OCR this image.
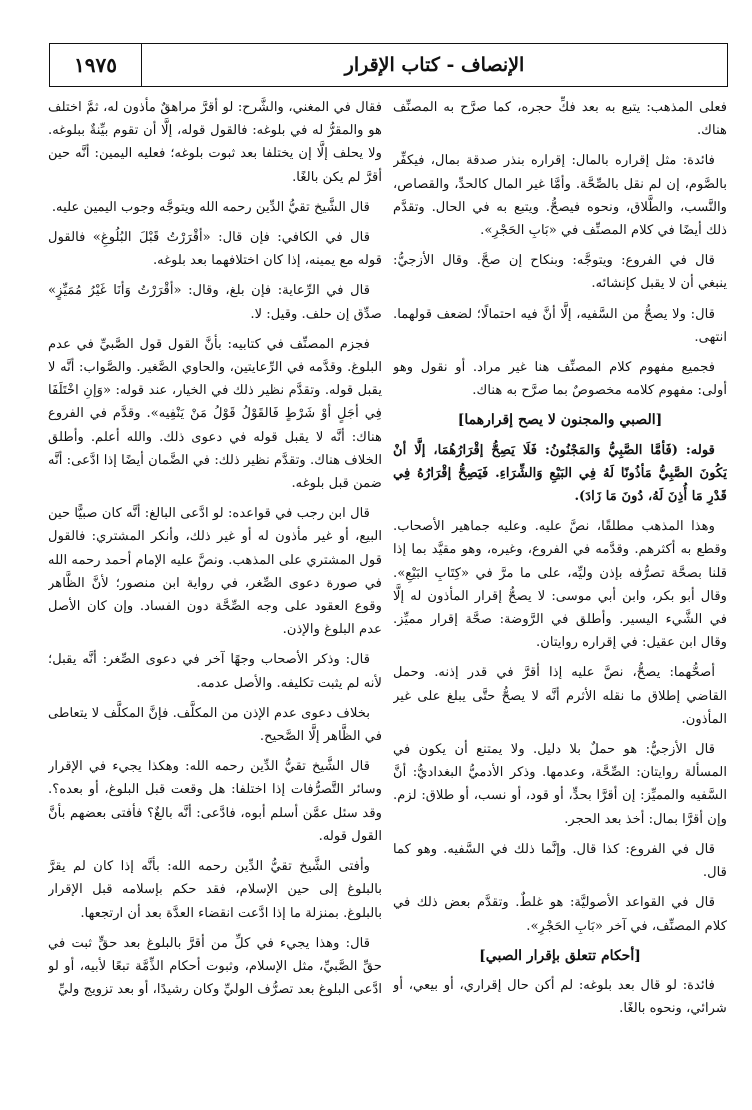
الإنصاف - كتاب الإقرار
١٩٧٥

فعلى المذهب: يتبع به بعد فكِّ حجره، كما صرَّح به المصنِّف هناك.

فائدة: مثل إقراره بالمال: إقراره بنذر صدقة بمال، فيكفِّر بالصَّوم، إن لم نقل بالصِّحَّة. وأمَّا غير المال كالحدِّ، والقصاص، والنَّسب، والطَّلاق، ونحوه فيصحُّ. ويتبع به في الحال. وتقدَّم ذلك أيضًا في كلام المصنِّف في «بَابِ الحَجْرِ».

قال في الفروع: ويتوجَّه: وبنكاح إن صحَّ. وقال الأزجيُّ: ينبغي أن لا يقبل كإنشائه.

قال: ولا يصحُّ من السَّفيه، إلَّا أنَّ فيه احتمالًا؛ لضعف قولهما. انتهى.

فجميع مفهوم كلام المصنِّف هنا غير مراد. أو نقول وهو أولى: مفهوم كلامه مخصوصٌ بما صرَّح به هناك.

[الصبي والمجنون لا يصح إقرارهما]

قوله: (فَأمَّا الصَّبِيُّ وَالمَجْنُونُ: فَلَا يَصِحُّ إقْرَارُهُمَا، إلَّا أنْ يَكُونَ الصَّبِيُّ مَأذُونًا لَهُ فِي البَيْعِ وَالشِّرَاءِ. فَيَصِحُّ إقْرَارُهُ فِي قَدْرِ مَا أُذِنَ لَهُ، دُونَ مَا زَادَ).

وهذا المذهب مطلقًا، نصَّ عليه. وعليه جماهير الأصحاب. وقطع به أكثرهم. وقدَّمه في الفروع، وغيره، وهو مقيَّد بما إذا قلنا بصحَّة تصرُّفه بإذن وليِّه، على ما مرَّ في «كِتَابِ البَيْعِ». وقال أبو بكر، وابن أبي موسى: لا يصحُّ إقرار المأذون له إلَّا في الشَّيء اليسير. وأطلق في الرَّوضة: صحَّة إقرار مميِّز. وقال ابن عقيل: في إقراره روايتان.

أصحُّهما: يصحُّ، نصَّ عليه إذا أقرَّ في قدر إذنه. وحمل القاضي إطلاق ما نقله الأثرم أنَّه لا يصحُّ حتَّى يبلغ على غير المأذون.

قال الأزجيُّ: هو حملٌ بلا دليل. ولا يمتنع أن يكون في المسألة روايتان: الصِّحَّة، وعدمها. وذكر الأدميُّ البغداديُّ: أنَّ السَّفيه والمميِّز: إن أقرَّا بحدٍّ، أو قود، أو نسب، أو طلاق: لزم. وإن أقرَّا بمال: أخذ بعد الحجر.

قال في الفروع: كذا قال. وإنَّما ذلك في السَّفيه. وهو كما قال.

قال في القواعد الأصوليَّة: هو غلطٌ. وتقدَّم بعض ذلك في كلام المصنِّف، في آخر «بَابِ الحَجْرِ».

[أحكام تتعلق بإقرار الصبي]

فائدة: لو قال بعد بلوغه: لم أكن حال إقراري، أو بيعي، أو شرائي، ونحوه بالغًا.

فقال في المغني، والشَّرح: لو أقرَّ مراهقٌ مأذون له، ثمَّ اختلف هو والمقرُّ له في بلوغه: فالقول قوله، إلَّا أن تقوم بيِّنةٌ ببلوغه. ولا يحلف إلَّا إن يختلفا بعد ثبوت بلوغه؛ فعليه اليمين: أنَّه حين أقرَّ لم يكن بالغًا.

قال الشَّيخ تقيُّ الدِّين رحمه الله ويتوجَّه وجوب اليمين عليه.

قال في الكافي: فإن قال: «أقْرَرْتُ قَبْلَ البُلُوغِ» فالقول قوله مع يمينه، إذا كان اختلافهما بعد بلوغه.

قال في الرِّعاية: فإن بلغ، وقال: «أقْرَرْتُ وَأنَا غَيْرُ مُمَيِّزٍ» صدِّق إن حلف. وقيل: لا.

فجزم المصنِّف في كتابيه: بأنَّ القول قول الصَّبيِّ في عدم البلوغ. وقدَّمه في الرِّعايتين، والحاوي الصَّغير. والصَّواب: أنَّه لا يقبل قوله. وتقدَّم نظير ذلك في الخيار، عند قوله: «وَإنِ اخْتَلَفَا فِي أجَلٍ أوْ شَرْطٍ فَالقَوْلُ قَوْلُ مَنْ يَنْفِيه». وقدَّم في الفروع هناك: أنَّه لا يقبل قوله في دعوى ذلك. والله أعلم. وأطلق الخلاف هناك. وتقدَّم نظير ذلك: في الضَّمان أيضًا إذا ادَّعى: أنَّه ضمن قبل بلوغه.

قال ابن رجب في قواعده: لو ادَّعى البالغ: أنَّه كان صبيًّا حين البيع، أو غير مأذون له أو غير ذلك، وأنكر المشتري: فالقول قول المشتري على المذهب. ونصَّ عليه الإمام أحمد رحمه الله في صورة دعوى الصِّغر، في رواية ابن منصور؛ لأنَّ الظَّاهر وقوع العقود على وجه الصِّحَّة دون الفساد. وإن كان الأصل عدم البلوغ والإذن.

قال: وذكر الأصحاب وجهًا آخر في دعوى الصِّغر: أنَّه يقبل؛ لأنه لم يثبت تكليفه. والأصل عدمه.

بخلاف دعوى عدم الإذن من المكلَّف. فإنَّ المكلَّف لا يتعاطى في الظَّاهر إلَّا الصَّحيح.

قال الشَّيخ تقيُّ الدِّين رحمه الله: وهكذا يجيء في الإقرار وسائر التَّصرُّفات إذا اختلفا: هل وقعت قبل البلوغ، أو بعده؟. وقد سئل عمَّن أسلم أبوه، فادَّعى: أنَّه بالغٌ؟ فأفتى بعضهم بأنَّ القول قوله.

وأفتى الشَّيخ تقيُّ الدِّين رحمه الله: بأنَّه إذا كان لم يقرَّ بالبلوغ إلى حين الإسلام، فقد حكم بإسلامه قبل الإقرار بالبلوغ. بمنزلة ما إذا ادَّعت انقضاء العدَّة بعد أن ارتجعها.

قال: وهذا يجيء في كلِّ من أقرَّ بالبلوغ بعد حقٍّ ثبت في حقِّ الصَّبيِّ، مثل الإسلام، وثبوت أحكام الذِّمَّة تبعًا لأبيه، أو لو ادَّعى البلوغ بعد تصرُّف الوليِّ وكان رشيدًا، أو بعد تزويج وليِّ
